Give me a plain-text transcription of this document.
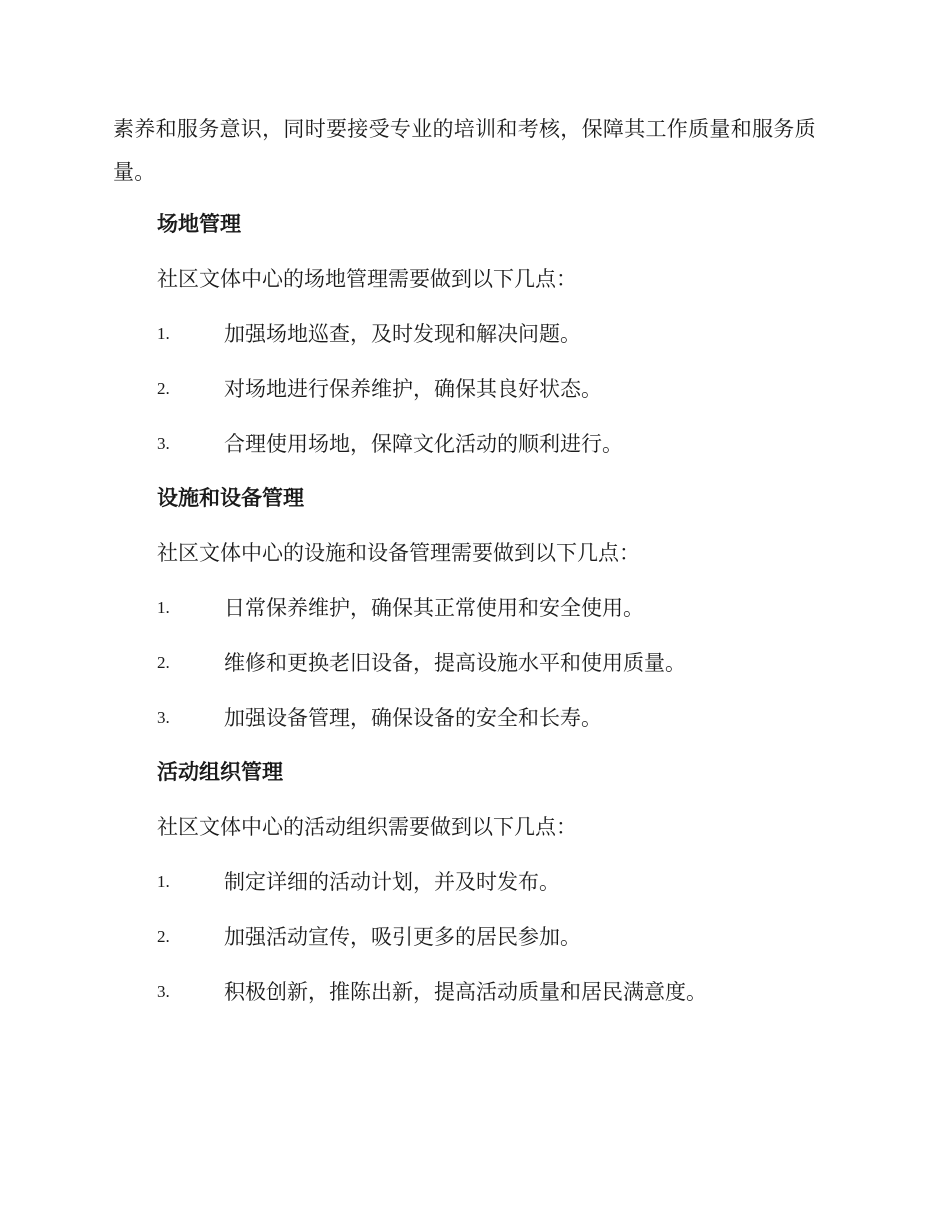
素养和服务意识，同时要接受专业的培训和考核，保障其工作质量和服务质量。

场地管理

社区文体中心的场地管理需要做到以下几点：

1.	加强场地巡查，及时发现和解决问题。
2.	对场地进行保养维护，确保其良好状态。
3.	合理使用场地，保障文化活动的顺利进行。
设施和设备管理

社区文体中心的设施和设备管理需要做到以下几点：

1.	日常保养维护，确保其正常使用和安全使用。
2.	维修和更换老旧设备，提高设施水平和使用质量。
3.	加强设备管理，确保设备的安全和长寿。
活动组织管理

社区文体中心的活动组织需要做到以下几点：

1.	制定详细的活动计划，并及时发布。
2.	加强活动宣传，吸引更多的居民参加。
3.	积极创新，推陈出新，提高活动质量和居民满意度。
